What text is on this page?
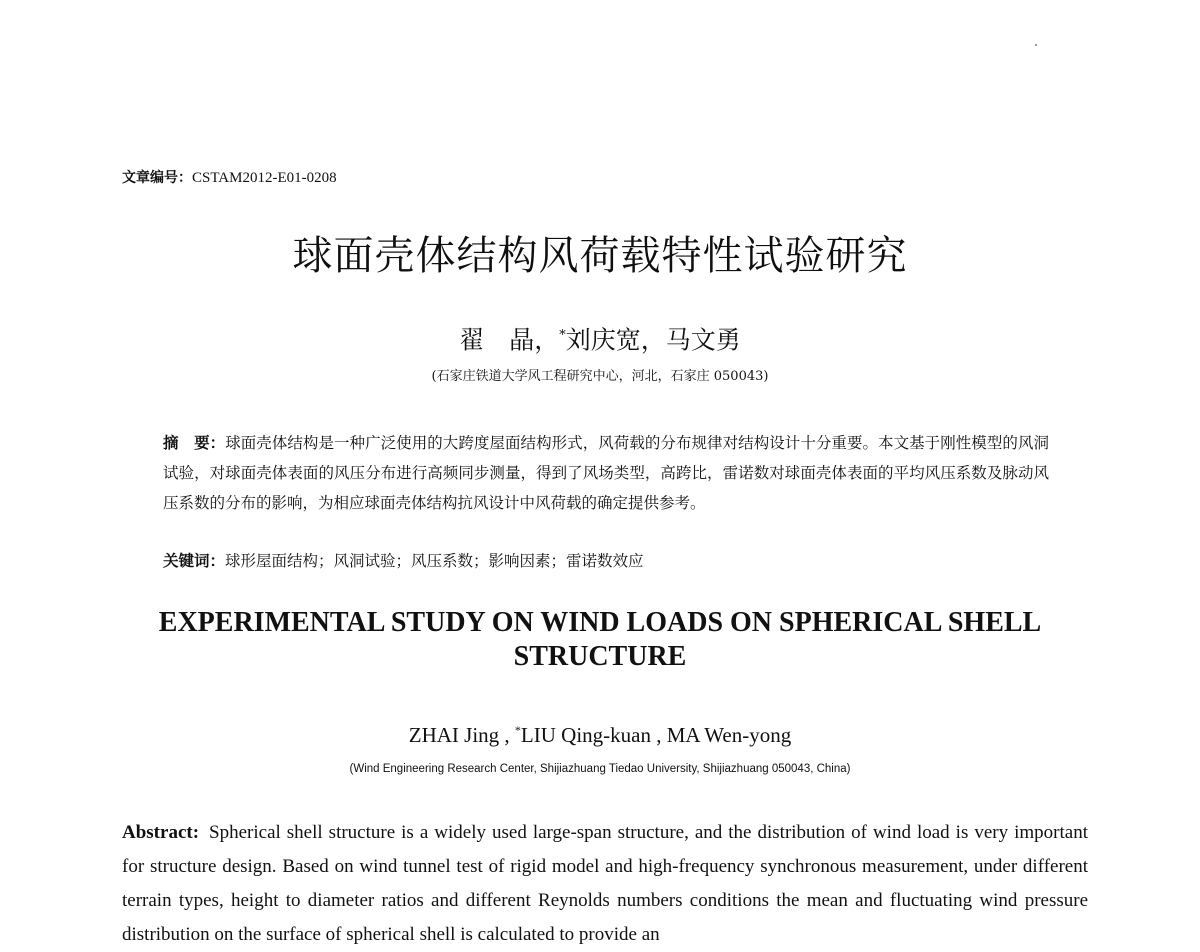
文章编号：CSTAM2012-E01-0208
球面壳体结构风荷载特性试验研究
翟　晶，*刘庆宽，马文勇
(石家庄铁道大学风工程研究中心，河北，石家庄 050043)
摘　要：球面壳体结构是一种广泛使用的大跨度屋面结构形式，风荷载的分布规律对结构设计十分重要。本文基于刚性模型的风洞试验，对球面壳体表面的风压分布进行高频同步测量，得到了风场类型，高跨比，雷诺数对球面壳体表面的平均风压系数及脉动风压系数的分布的影响，为相应球面壳体结构抗风设计中风荷载的确定提供参考。
关键词：球形屋面结构；风洞试验；风压系数；影响因素；雷诺数效应
EXPERIMENTAL STUDY ON WIND LOADS ON SPHERICAL SHELL STRUCTURE
ZHAI Jing , *LIU Qing-kuan , MA Wen-yong
(Wind Engineering Research Center, Shijiazhuang Tiedao University, Shijiazhuang 050043, China)
Abstract: Spherical shell structure is a widely used large-span structure, and the distribution of wind load is very important for structure design. Based on wind tunnel test of rigid model and high-frequency synchronous measurement, under different terrain types, height to diameter ratios and different Reynolds numbers conditions the mean and fluctuating wind pressure distribution on the surface of spherical shell is calculated to provide an
